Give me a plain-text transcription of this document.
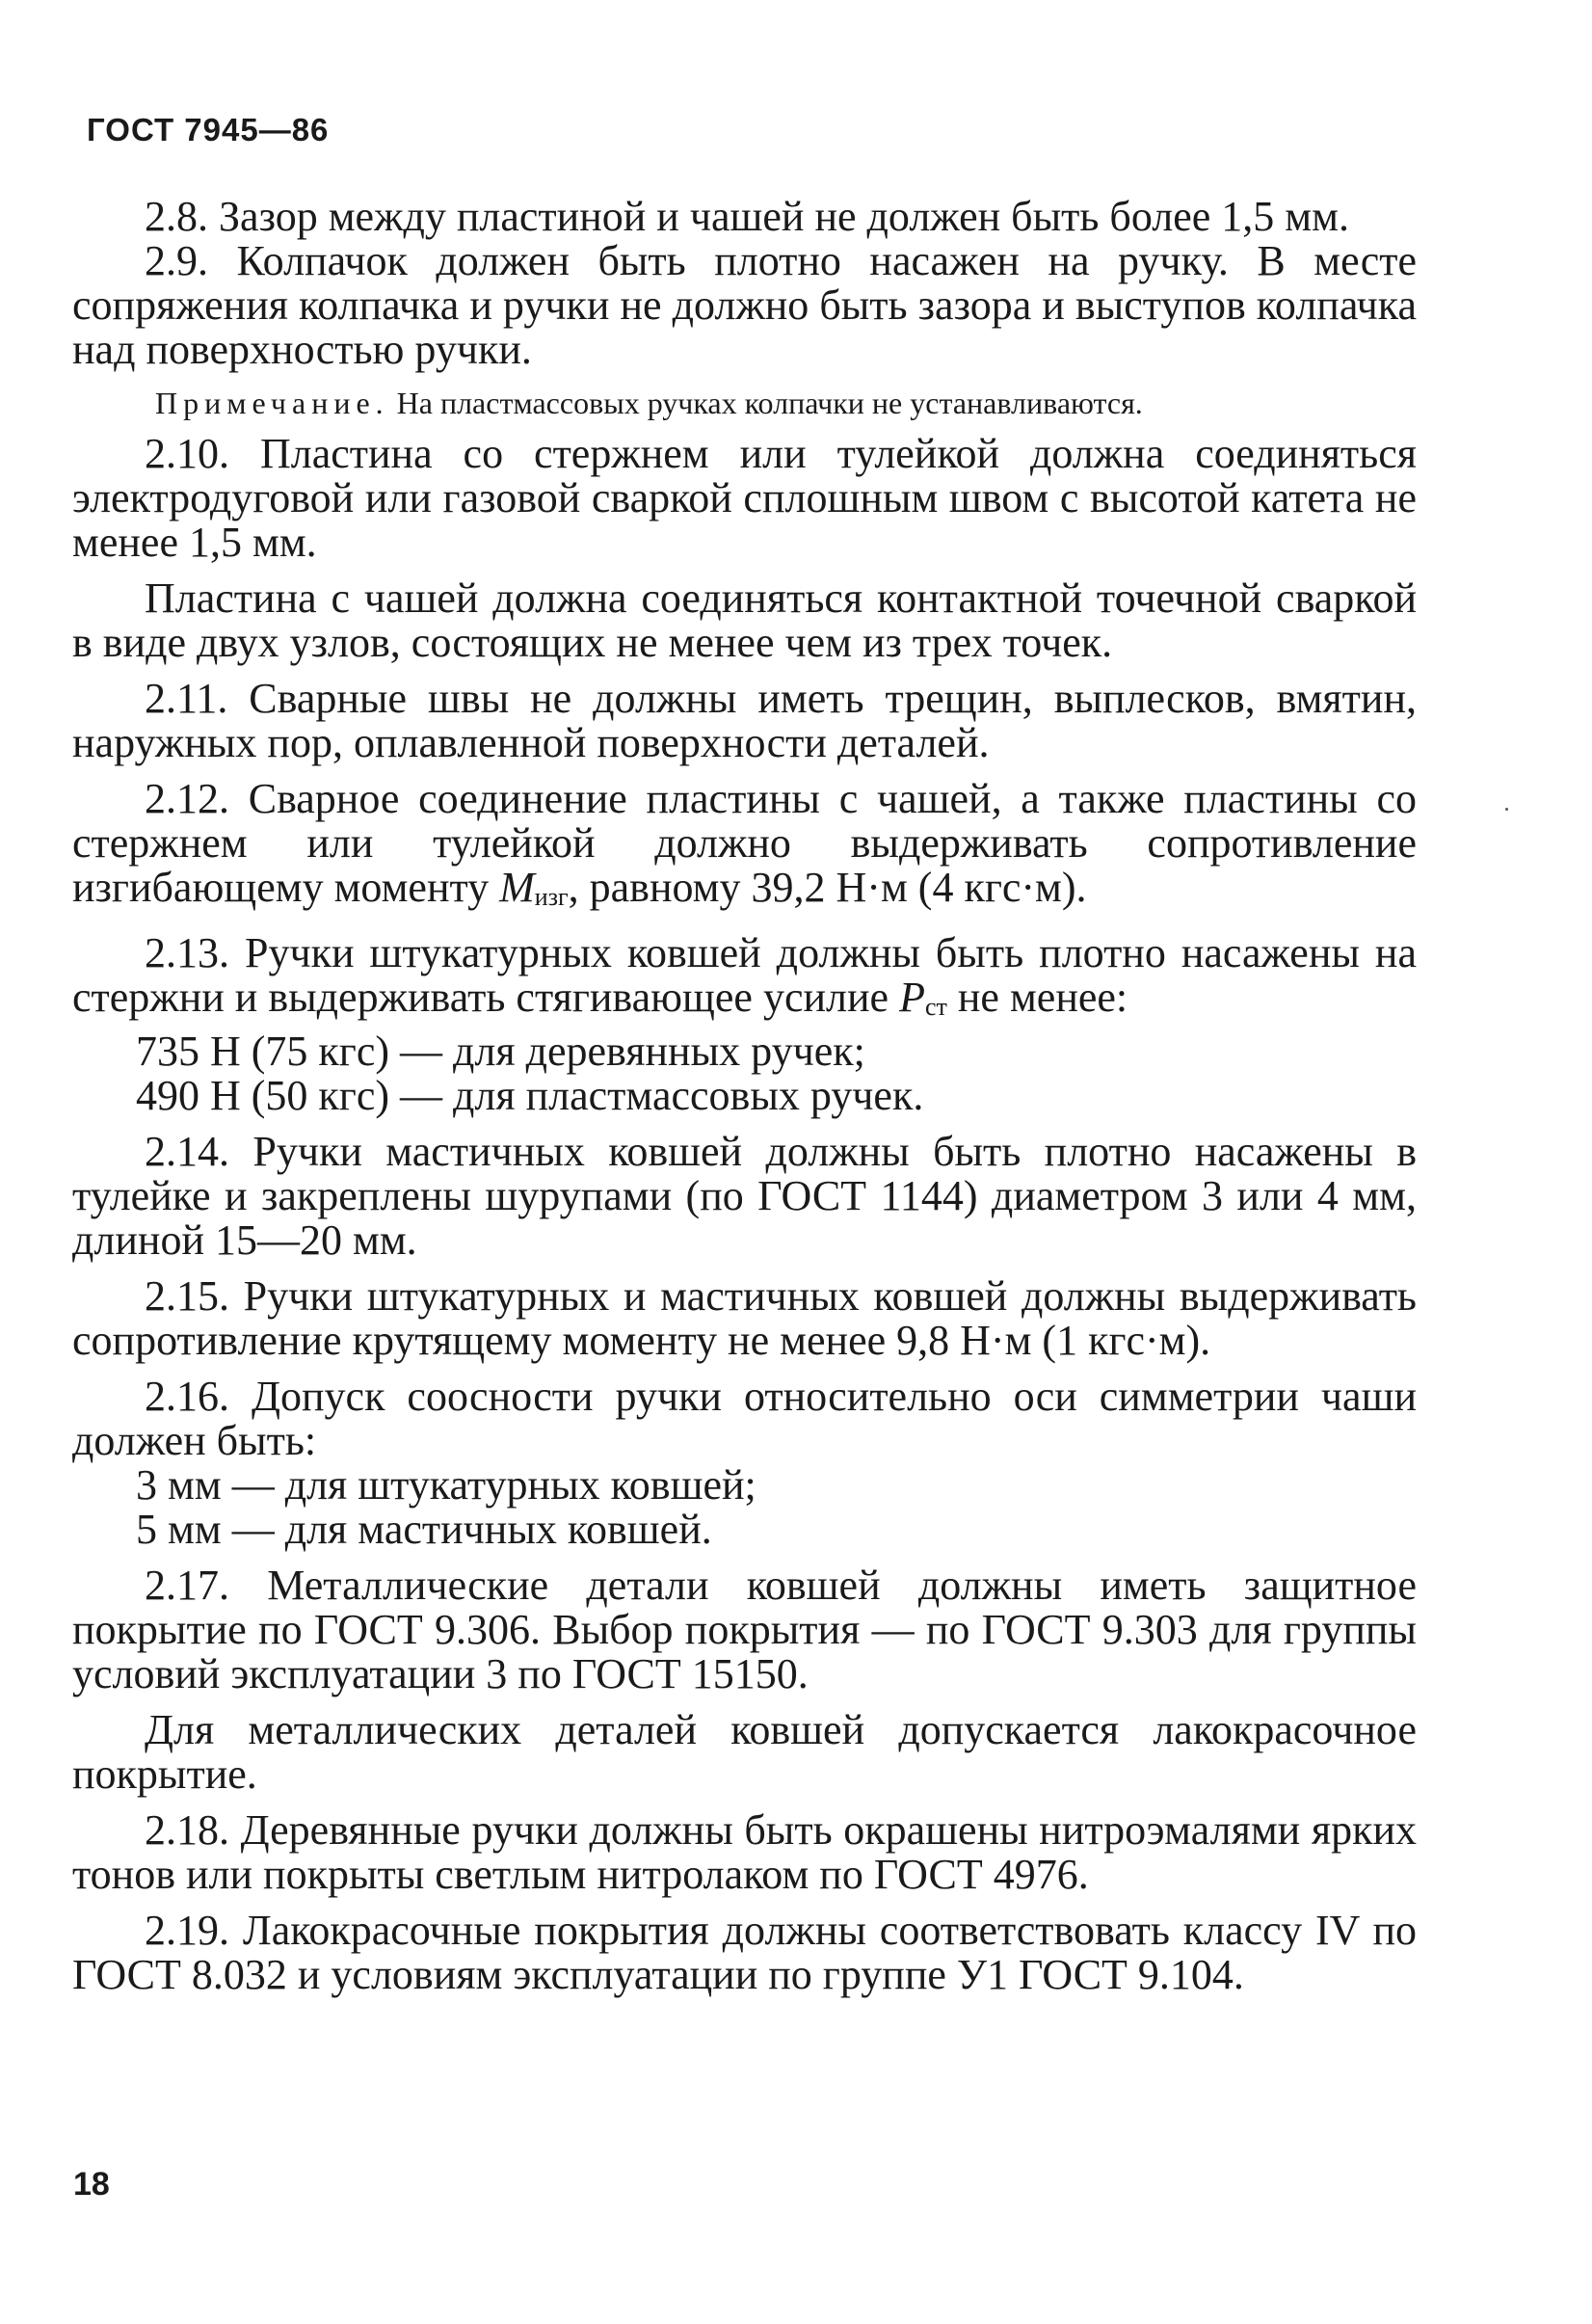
ГОСТ 7945—86

2.8. Зазор между пластиной и чашей не должен быть более 1,5 мм.

2.9. Колпачок должен быть плотно насажен на ручку. В месте сопряжения колпачка и ручки не должно быть зазора и выступов колпачка над поверхностью ручки.

Примечание. На пластмассовых ручках колпачки не устанавливаются.

2.10. Пластина со стержнем или тулейкой должна соединяться электродуговой или газовой сваркой сплошным швом с высотой катета не менее 1,5 мм.

Пластина с чашей должна соединяться контактной точечной сваркой в виде двух узлов, состоящих не менее чем из трех точек.

2.11. Сварные швы не должны иметь трещин, выплесков, вмятин, наружных пор, оплавленной поверхности деталей.

2.12. Сварное соединение пластины с чашей, а также пластины со стержнем или тулейкой должно выдерживать сопротивление изгибающему моменту Mизг, равному 39,2 Н·м (4 кгс·м).

2.13. Ручки штукатурных ковшей должны быть плотно насажены на стержни и выдерживать стягивающее усилие Pст не менее:

735 Н (75 кгс) — для деревянных ручек;

490 Н (50 кгс) — для пластмассовых ручек.

2.14. Ручки мастичных ковшей должны быть плотно насажены в тулейке и закреплены шурупами (по ГОСТ 1144) диаметром 3 или 4 мм, длиной 15—20 мм.

2.15. Ручки штукатурных и мастичных ковшей должны выдерживать сопротивление крутящему моменту не менее 9,8 Н·м (1 кгс·м).

2.16. Допуск соосности ручки относительно оси симметрии чаши должен быть:

3 мм — для штукатурных ковшей;

5 мм — для мастичных ковшей.

2.17. Металлические детали ковшей должны иметь защитное покрытие по ГОСТ 9.306. Выбор покрытия — по ГОСТ 9.303 для группы условий эксплуатации 3 по ГОСТ 15150.

Для металлических деталей ковшей допускается лакокрасочное покрытие.

2.18. Деревянные ручки должны быть окрашены нитроэмалями ярких тонов или покрыты светлым нитролаком по ГОСТ 4976.

2.19. Лакокрасочные покрытия должны соответствовать классу IV по ГОСТ 8.032 и условиям эксплуатации по группе У1 ГОСТ 9.104.

18
